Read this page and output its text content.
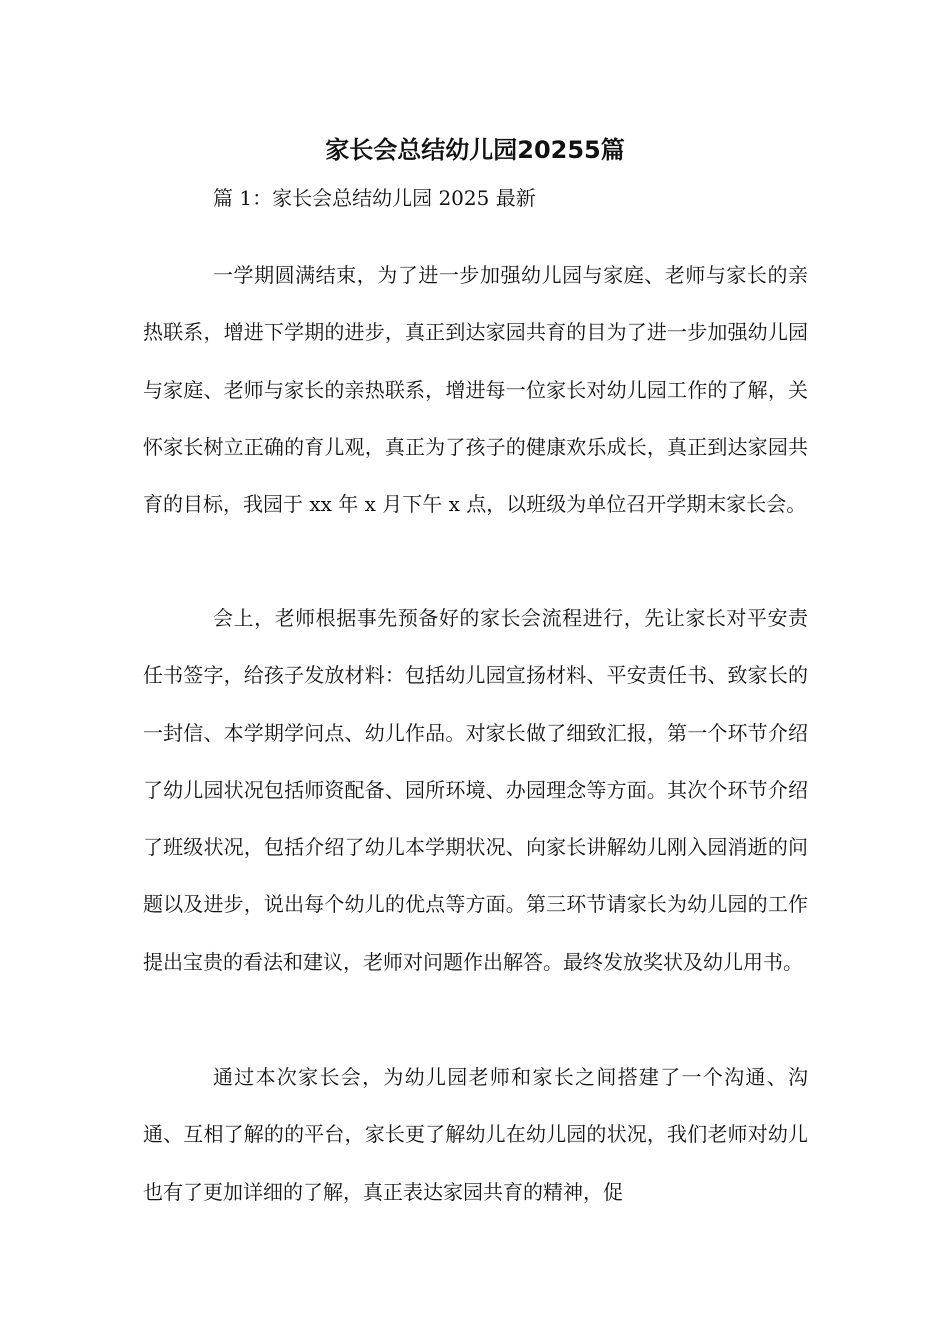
家长会总结幼儿园20255篇

篇 1：家长会总结幼儿园 2025 最新

一学期圆满结束，为了进一步加强幼儿园与家庭、老师与家长的亲热联系，增进下学期的进步，真正到达家园共育的目为了进一步加强幼儿园与家庭、老师与家长的亲热联系，增进每一位家长对幼儿园工作的了解，关怀家长树立正确的育儿观，真正为了孩子的健康欢乐成长，真正到达家园共育的目标，我园于 xx 年 x 月下午 x 点，以班级为单位召开学期末家长会。

会上，老师根据事先预备好的家长会流程进行，先让家长对平安责任书签字，给孩子发放材料：包括幼儿园宣扬材料、平安责任书、致家长的一封信、本学期学问点、幼儿作品。对家长做了细致汇报，第一个环节介绍了幼儿园状况包括师资配备、园所环境、办园理念等方面。其次个环节介绍了班级状况，包括介绍了幼儿本学期状况、向家长讲解幼儿刚入园消逝的问题以及进步，说出每个幼儿的优点等方面。第三环节请家长为幼儿园的工作提出宝贵的看法和建议，老师对问题作出解答。最终发放奖状及幼儿用书。

通过本次家长会，为幼儿园老师和家长之间搭建了一个沟通、沟通、互相了解的的平台，家长更了解幼儿在幼儿园的状况，我们老师对幼儿也有了更加详细的了解，真正表达家园共育的精神，促
